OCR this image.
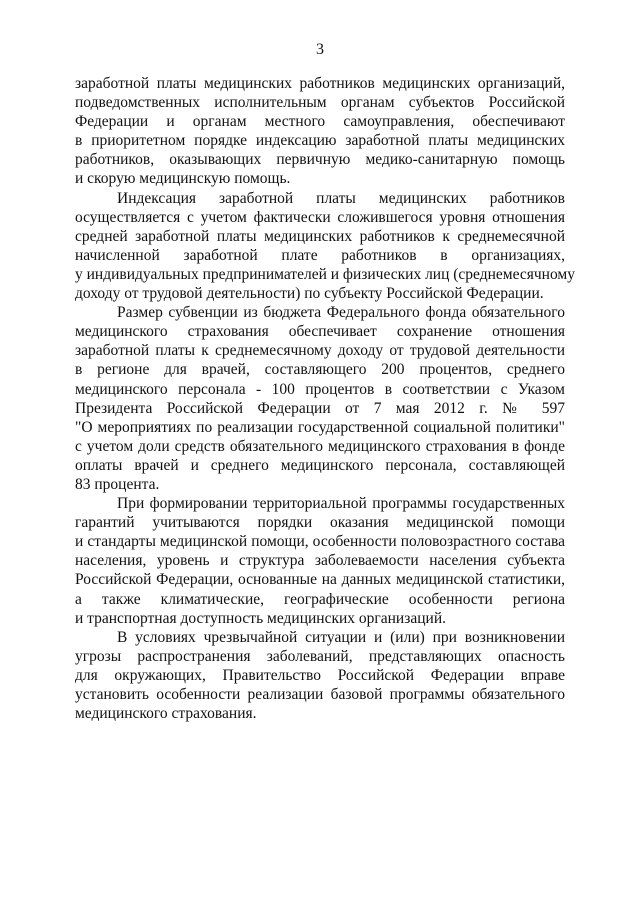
3
заработной платы медицинских работников медицинских организаций,
подведомственных исполнительным органам субъектов Российской
Федерации и органам местного самоуправления, обеспечивают
в приоритетном порядке индексацию заработной платы медицинских
работников, оказывающих первичную медико-санитарную помощь
и скорую медицинскую помощь.
Индексация заработной платы медицинских работников
осуществляется с учетом фактически сложившегося уровня отношения
средней заработной платы медицинских работников к среднемесячной
начисленной заработной плате работников в организациях,
у индивидуальных предпринимателей и физических лиц (среднемесячному
доходу от трудовой деятельности) по субъекту Российской Федерации.
Размер субвенции из бюджета Федерального фонда обязательного
медицинского страхования обеспечивает сохранение отношения
заработной платы к среднемесячному доходу от трудовой деятельности
в регионе для врачей, составляющего 200 процентов, среднего
медицинского персонала - 100 процентов в соответствии с Указом
Президента Российской Федерации от 7 мая 2012 г. № 597
"О мероприятиях по реализации государственной социальной политики"
с учетом доли средств обязательного медицинского страхования в фонде
оплаты врачей и среднего медицинского персонала, составляющей
83 процента.
При формировании территориальной программы государственных
гарантий учитываются порядки оказания медицинской помощи
и стандарты медицинской помощи, особенности половозрастного состава
населения, уровень и структура заболеваемости населения субъекта
Российской Федерации, основанные на данных медицинской статистики,
а также климатические, географические особенности региона
и транспортная доступность медицинских организаций.
В условиях чрезвычайной ситуации и (или) при возникновении
угрозы распространения заболеваний, представляющих опасность
для окружающих, Правительство Российской Федерации вправе
установить особенности реализации базовой программы обязательного
медицинского страхования.
